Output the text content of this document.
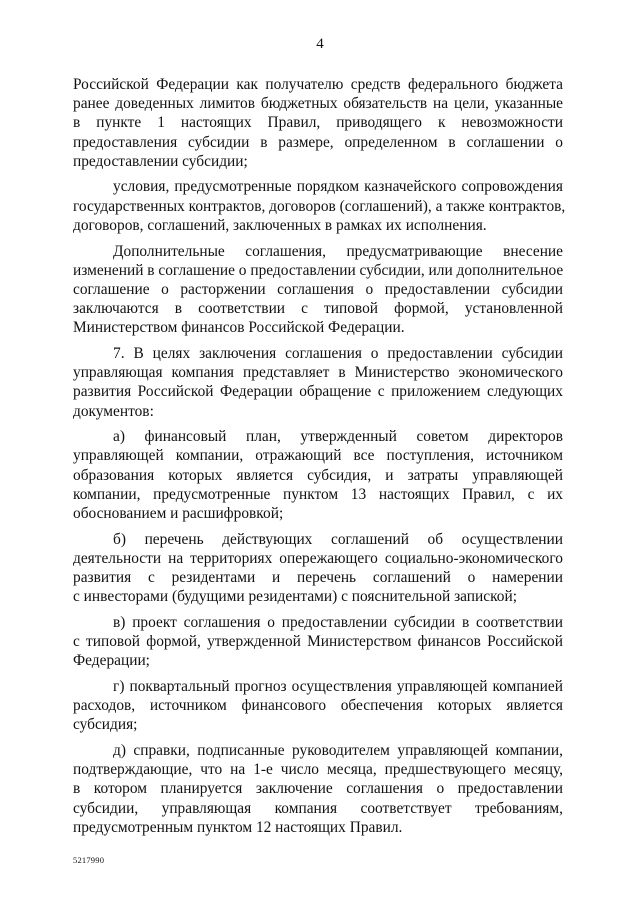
4
Российской Федерации как получателю средств федерального бюджета
ранее доведенных лимитов бюджетных обязательств на цели, указанные
в пункте 1 настоящих Правил, приводящего к невозможности
предоставления субсидии в размере, определенном в соглашении о
предоставлении субсидии;
условия, предусмотренные порядком казначейского сопровождения
государственных контрактов, договоров (соглашений), а также контрактов,
договоров, соглашений, заключенных в рамках их исполнения.
Дополнительные соглашения, предусматривающие внесение
изменений в соглашение о предоставлении субсидии, или дополнительное
соглашение о расторжении соглашения о предоставлении субсидии
заключаются в соответствии с типовой формой, установленной
Министерством финансов Российской Федерации.
7. В целях заключения соглашения о предоставлении субсидии
управляющая компания представляет в Министерство экономического
развития Российской Федерации обращение с приложением следующих
документов:
а) финансовый план, утвержденный советом директоров
управляющей компании, отражающий все поступления, источником
образования которых является субсидия, и затраты управляющей
компании, предусмотренные пунктом 13 настоящих Правил, с их
обоснованием и расшифровкой;
б) перечень действующих соглашений об осуществлении
деятельности на территориях опережающего социально-экономического
развития с резидентами и перечень соглашений о намерении
с инвесторами (будущими резидентами) с пояснительной запиской;
в) проект соглашения о предоставлении субсидии в соответствии
с типовой формой, утвержденной Министерством финансов Российской
Федерации;
г) поквартальный прогноз осуществления управляющей компанией
расходов, источником финансового обеспечения которых является
субсидия;
д) справки, подписанные руководителем управляющей компании,
подтверждающие, что на 1-е число месяца, предшествующего месяцу,
в котором планируется заключение соглашения о предоставлении
субсидии, управляющая компания соответствует требованиям,
предусмотренным пунктом 12 настоящих Правил.
5217990
